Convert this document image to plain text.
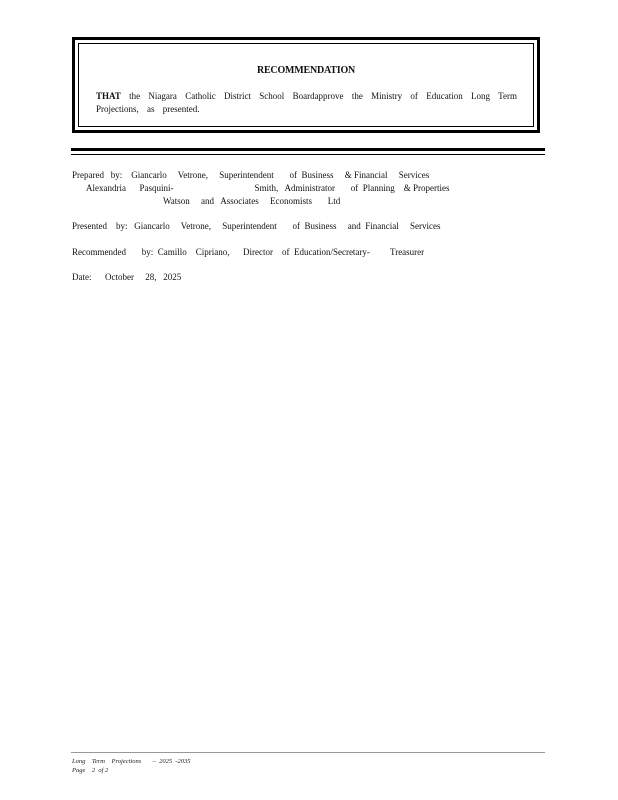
RECOMMENDATION
THAT the Niagara Catholic District School Boardapprove the Ministry of Education Long Term
Projections, as presented.
Prepared   by:    Giancarlo     Vetrone,     Superintendent       of  Business     & Financial     Services
Alexandria      Pasquini-                                    Smith,   Administrator       of  Planning    & Properties
Watson     and   Associates     Economists       Ltd
Presented    by:   Giancarlo     Vetrone,     Superintendent       of  Business     and  Financial     Services
Recommended       by:  Camillo    Cipriano,      Director    of  Education/Secretary-         Treasurer
Date:      October     28,   2025
Long    Term    Projections       –  2025  -2035
Page    2  of 2
